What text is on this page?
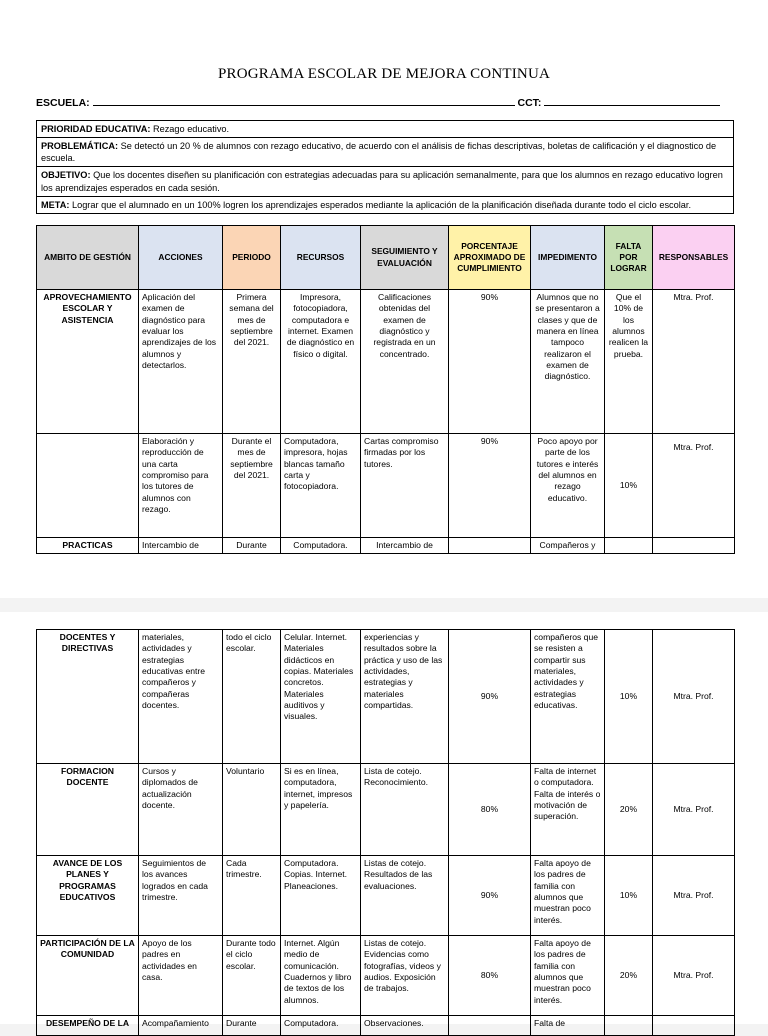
PROGRAMA ESCOLAR DE MEJORA CONTINUA
ESCUELA:	CCT:
PRIORIDAD EDUCATIVA: Rezago educativo.
PROBLEMÁTICA: Se detectó un 20 % de alumnos con rezago educativo, de acuerdo con el análisis de fichas descriptivas, boletas de calificación y el diagnostico de escuela.
OBJETIVO: Que los docentes diseñen su planificación con estrategias adecuadas para su aplicación semanalmente, para que los alumnos en rezago educativo logren los aprendizajes esperados en cada sesión.
META: Lograr que el alumnado en un 100% logren los aprendizajes esperados mediante la aplicación de la planificación diseñada durante todo el ciclo escolar.
AMBITO DE GESTIÓN	ACCIONES	PERIODO	RECURSOS	SEGUIMIENTO Y EVALUACIÓN	PORCENTAJE APROXIMADO DE CUMPLIMIENTO	IMPEDIMENTO	FALTA POR LOGRAR	RESPONSABLES
APROVECHAMIENTO ESCOLAR Y ASISTENCIA	Aplicación del examen de diagnóstico para evaluar los aprendizajes de los alumnos y detectarlos.	Primera semana del mes de septiembre del 2021.	Impresora, fotocopiadora, computadora e internet. Examen de diagnóstico en físico o digital.	Calificaciones obtenidas del examen de diagnóstico y registrada en un concentrado.	90%	Alumnos que no se presentaron a clases y que de manera en línea tampoco realizaron el examen de diagnóstico.	Que el 10% de los alumnos realicen la prueba.	Mtra. Prof.
	Elaboración y reproducción de una carta compromiso para los tutores de alumnos con rezago.	Durante el mes de septiembre del 2021.	Computadora, impresora, hojas blancas tamaño carta y fotocopiadora.	Cartas compromiso firmadas por los tutores.	90%	Poco apoyo por parte de los tutores e interés del alumnos en rezago educativo.	10%	Mtra. Prof.
PRACTICAS	Intercambio de	Durante	Computadora.	Intercambio de		Compañeros y		
DOCENTES Y DIRECTIVAS	materiales, actividades y estrategias educativas entre compañeros y compañeras docentes.	todo el ciclo escolar.	Celular. Internet. Materiales didácticos en copias. Materiales concretos. Materiales auditivos y visuales.	experiencias y resultados sobre la práctica y uso de las actividades, estrategias y materiales compartidas.	90%	compañeros que se resisten a compartir sus materiales, actividades y estrategias educativas.	10%	Mtra. Prof.
FORMACION DOCENTE	Cursos y diplomados de actualización docente.	Voluntario	Si es en línea, computadora, internet, impresos y papelería.	Lista de cotejo. Reconocimiento.	80%	Falta de internet o computadora. Falta de interés o motivación de superación.	20%	Mtra. Prof.
AVANCE DE LOS PLANES Y PROGRAMAS EDUCATIVOS	Seguimientos de los avances logrados en cada trimestre.	Cada trimestre.	Computadora. Copias. Internet. Planeaciones.	Listas de cotejo. Resultados de las evaluaciones.	90%	Falta apoyo de los padres de familia con alumnos que muestran poco interés.	10%	Mtra. Prof.
PARTICIPACIÓN DE LA COMUNIDAD	Apoyo de los padres en actividades en casa.	Durante todo el ciclo escolar.	Internet. Algún medio de comunicación. Cuadernos y libro de textos de los alumnos.	Listas de cotejo. Evidencias como fotografías, videos y audios. Exposición de trabajos.	80%	Falta apoyo de los padres de familia con alumnos que muestran poco interés.	20%	Mtra. Prof.
DESEMPEÑO DE LA	Acompañamiento	Durante	Computadora.	Observaciones.		Falta de		
